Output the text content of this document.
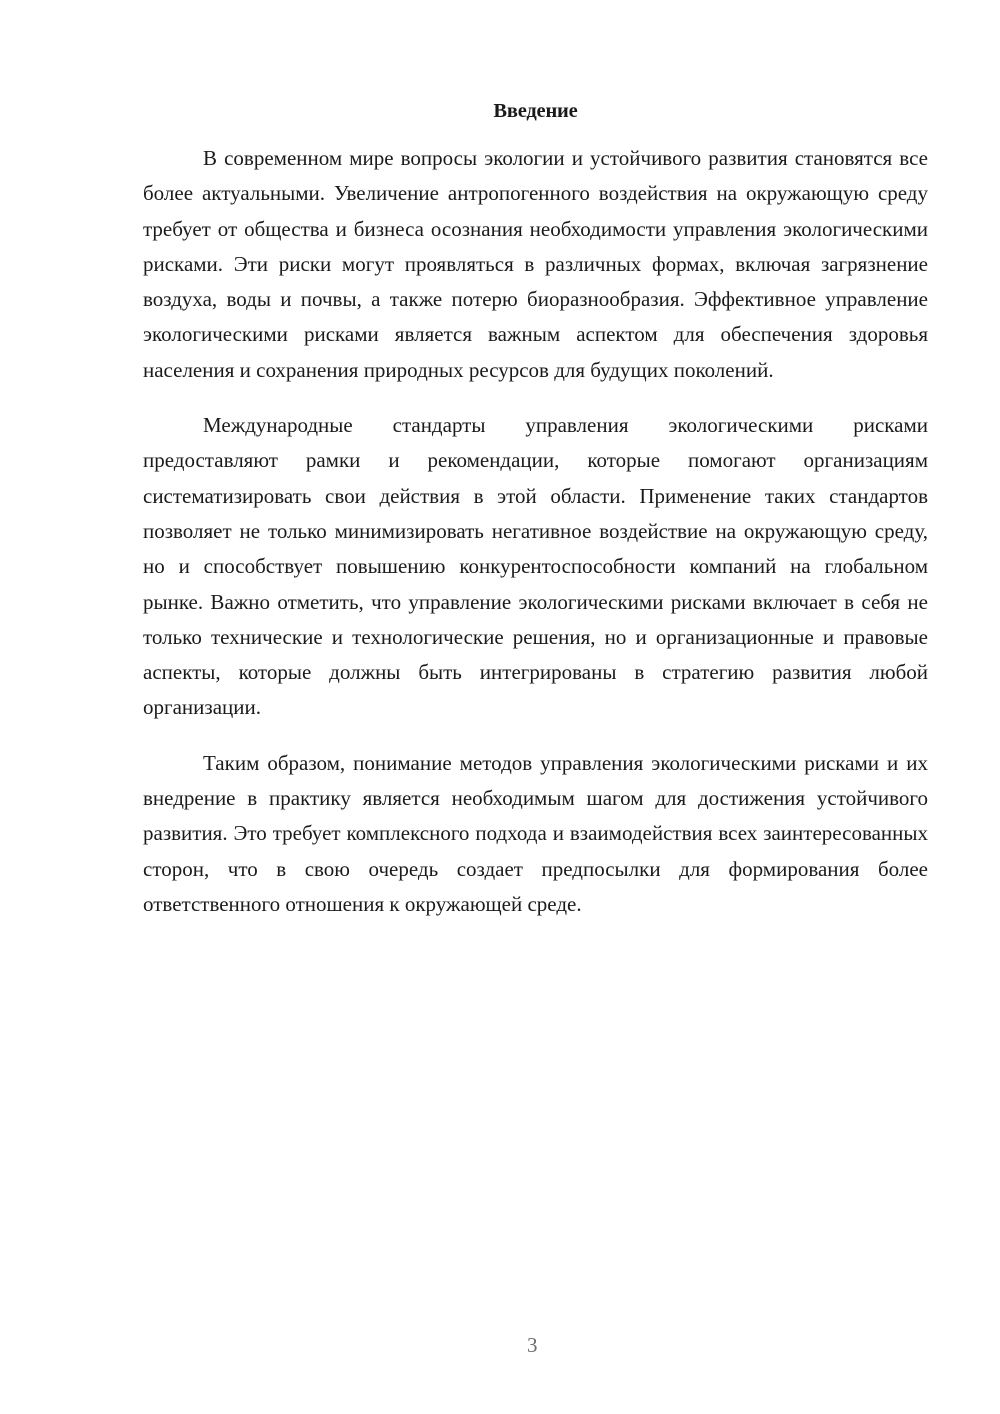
Введение

В современном мире вопросы экологии и устойчивого развития становятся все более актуальными. Увеличение антропогенного воздействия на окружающую среду требует от общества и бизнеса осознания необходимости управления экологическими рисками. Эти риски могут проявляться в различных формах, включая загрязнение воздуха, воды и почвы, а также потерю биоразнообразия. Эффективное управление экологическими рисками является важным аспектом для обеспечения здоровья населения и сохранения природных ресурсов для будущих поколений.

Международные стандарты управления экологическими рисками предоставляют рамки и рекомендации, которые помогают организациям систематизировать свои действия в этой области. Применение таких стандартов позволяет не только минимизировать негативное воздействие на окружающую среду, но и способствует повышению конкурентоспособности компаний на глобальном рынке. Важно отметить, что управление экологическими рисками включает в себя не только технические и технологические решения, но и организационные и правовые аспекты, которые должны быть интегрированы в стратегию развития любой организации.

Таким образом, понимание методов управления экологическими рисками и их внедрение в практику является необходимым шагом для достижения устойчивого развития. Это требует комплексного подхода и взаимодействия всех заинтересованных сторон, что в свою очередь создает предпосылки для формирования более ответственного отношения к окружающей среде.

3
